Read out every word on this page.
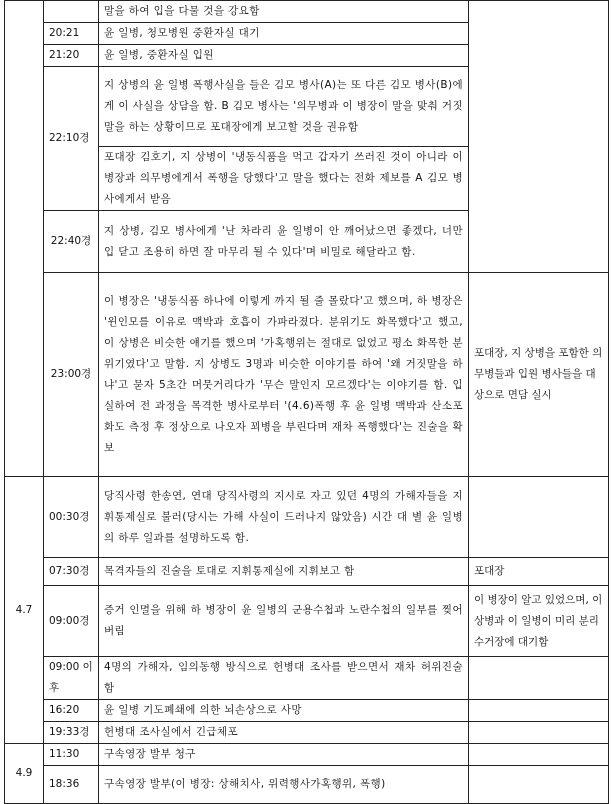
		말을 하여 입을 다물 것을 강요함	
	20:21	윤 일병, 청모병원 중환자실 대기	
	21:20	윤 일병, 중환자실 입원	
	22:10경	지 상병의 윤 일병 폭행사실을 들은 김모 병사(A)는 또 다른 김모 병사(B)에게 이 사실을 상담을 함. B 김모 병사는 '의무병과 이 병장이 말을 맞춰 거짓말을 하는 상황이므로 포대장에게 보고할 것을 권유함	
		포대장 김호기, 지 상병이 '냉동식품을 먹고 갑자기 쓰러진 것이 아니라 이 병장과 의무병에게서 폭행을 당했다'고 말을 했다는 전화 제보를 A 김모 병사에게서 받음	
	22:40경	지 상병, 김모 병사에게 '난 차라리 윤 일병이 안 깨어났으면 좋겠다, 너만 입 닫고 조용히 하면 잘 마무리 될 수 있다'며 비밀로 해달라고 함.	
	23:00경	이 병장은 '냉동식품 하나에 이렇게 까지 될 줄 몰랐다'고 했으며, 하 병장은 '윈인모를 이유로 맥박과 호흡이 가파라졌다. 분위기도 화목했다'고 했고, 이 상병은 비슷한 얘기를 했으며 '가혹행위는 절대로 없었고 평소 화목한 분위기였다'고 말함. 지 상병도 3명과 비슷한 이야기를 하여 '왜 거짓말을 하냐'고 묻자 5초간 머뭇거리다가 '무슨 말인지 모르겠다'는 이야기를 함. 입실하여 전 과정을 목격한 병사로부터 '(4.6)폭행 후 윤 일병 맥박과 산소포화도 측정 후 정상으로 나오자 꾀병을 부린다며 재차 폭행했다'는 진술을 확보	포대장, 지 상병을 포함한 의무병들과 입원 병사들을 대상으로 면담 실시
4.7	00:30경	당직사령 한송연, 연대 당직사령의 지시로 자고 있던 4명의 가해자들을 지휘통제실로 불러(당시는 가해 사실이 드러나지 않았음) 시간 대 별 윤 일병의 하루 일과를 설명하도록 함.	
	07:30경	목격자들의 진술을 토대로 지휘통제실에 지휘보고 함	포대장
	09:00경	증거 인멸을 위해 하 병장이 윤 일병의 군용수첩과 노란수첩의 일부를 찢어버림	이 병장이 알고 있었으며, 이 상병과 이 일병이 미리 분리수거장에 대기함
	09:00 이후	4명의 가해자, 임의동행 방식으로 헌병대 조사를 받으면서 재차 허위진술 함	
	16:20	윤 일병 기도폐쇄에 의한 뇌손상으로 사망	
	19:33경	헌병대 조사실에서 긴급체포	
4.9	11:30	구속영장 발부 청구	
	18:36	구속영장 발부(이 병장: 상해치사, 위력행사가혹행위, 폭행)	
